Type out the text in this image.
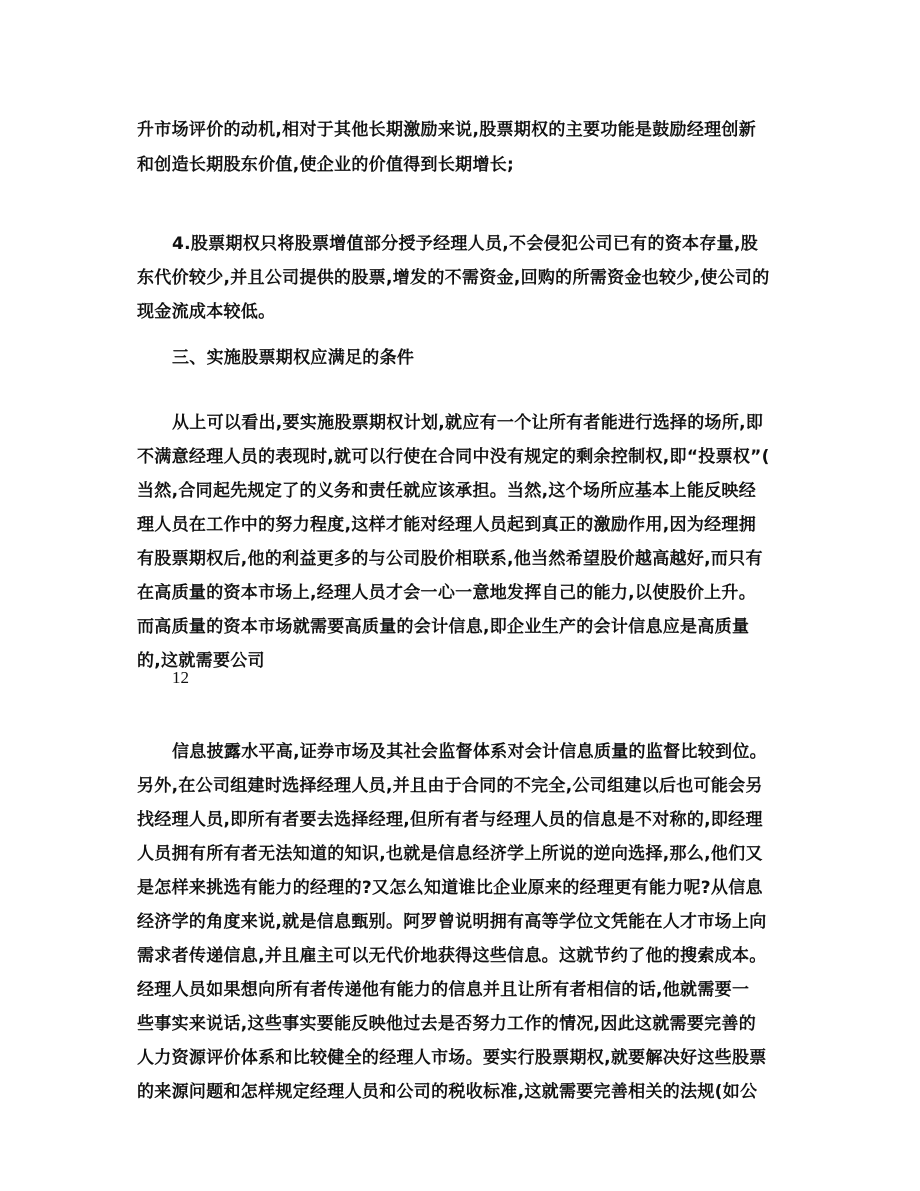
升市场评价的动机,相对于其他长期激励来说,股票期权的主要功能是鼓励经理创新
和创造长期股东价值,使企业的价值得到长期增长;
4.股票期权只将股票增值部分授予经理人员,不会侵犯公司已有的资本存量,股
东代价较少,并且公司提供的股票,增发的不需资金,回购的所需资金也较少,使公司的
现金流成本较低。
三、实施股票期权应满足的条件
从上可以看出,要实施股票期权计划,就应有一个让所有者能进行选择的场所,即
不满意经理人员的表现时,就可以行使在合同中没有规定的剩余控制权,即“投票权”(
当然,合同起先规定了的义务和责任就应该承担。当然,这个场所应基本上能反映经
理人员在工作中的努力程度,这样才能对经理人员起到真正的激励作用,因为经理拥
有股票期权后,他的利益更多的与公司股价相联系,他当然希望股价越高越好,而只有
在高质量的资本市场上,经理人员才会一心一意地发挥自己的能力,以使股价上升。
而高质量的资本市场就需要高质量的会计信息,即企业生产的会计信息应是高质量
的,这就需要公司
12
信息披露水平高,证券市场及其社会监督体系对会计信息质量的监督比较到位。
另外,在公司组建时选择经理人员,并且由于合同的不完全,公司组建以后也可能会另
找经理人员,即所有者要去选择经理,但所有者与经理人员的信息是不对称的,即经理
人员拥有所有者无法知道的知识,也就是信息经济学上所说的逆向选择,那么,他们又
是怎样来挑选有能力的经理的?又怎么知道谁比企业原来的经理更有能力呢?从信息
经济学的角度来说,就是信息甄别。阿罗曾说明拥有高等学位文凭能在人才市场上向
需求者传递信息,并且雇主可以无代价地获得这些信息。这就节约了他的搜索成本。
经理人员如果想向所有者传递他有能力的信息并且让所有者相信的话,他就需要一
些事实来说话,这些事实要能反映他过去是否努力工作的情况,因此这就需要完善的
人力资源评价体系和比较健全的经理人市场。要实行股票期权,就要解决好这些股票
的来源问题和怎样规定经理人员和公司的税收标准,这就需要完善相关的法规(如公
